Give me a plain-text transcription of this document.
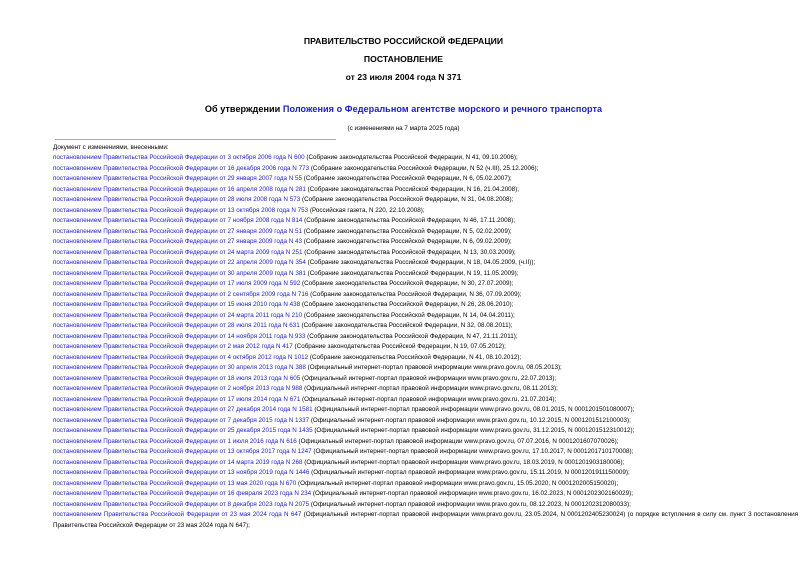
ПРАВИТЕЛЬСТВО РОССИЙСКОЙ ФЕДЕРАЦИИ
ПОСТАНОВЛЕНИЕ
от 23 июля 2004 года N 371
Об утверждении Положения о Федеральном агентстве морского и речного транспорта
(с изменениями на 7 марта 2025 года)
Документ с изменениями, внесенными:
постановлением Правительства Российской Федерации от 3 октября 2006 года N 600 (Собрание законодательства Российской Федерации, N 41, 09.10.2006);
постановлением Правительства Российской Федерации от 16 декабря 2006 года N 773 (Собрание законодательства Российской Федерации, N 52 (ч.III), 25.12.2006);
постановлением Правительства Российской Федерации от 29 января 2007 года N 55 (Собрание законодательства Российской Федерации, N 6, 05.02.2007);
постановлением Правительства Российской Федерации от 16 апреля 2008 года N 281 (Собрание законодательства Российской Федерации, N 16, 21.04.2008);
постановлением Правительства Российской Федерации от 28 июля 2008 года N 573 (Собрание законодательства Российской Федерации, N 31, 04.08.2008);
постановлением Правительства Российской Федерации от 13 октября 2008 года N 753 (Российская газета, N 220, 22.10.2008);
постановлением Правительства Российской Федерации от 7 ноября 2008 года N 814 (Собрание законодательства Российской Федерации, N 46, 17.11.2008);
постановлением Правительства Российской Федерации от 27 января 2009 года N 51 (Собрание законодательства Российской Федерации, N 5, 02.02.2009);
постановлением Правительства Российской Федерации от 27 января 2009 года N 43 (Собрание законодательства Российской Федерации, N 6, 09.02.2009);
постановлением Правительства Российской Федерации от 24 марта 2009 года N 251 (Собрание законодательства Российской Федерации, N 13, 30.03.2009);
постановлением Правительства Российской Федерации от 22 апреля 2009 года N 354 (Собрание законодательства Российской Федерации, N 18, 04.05.2009, (ч.II));
постановлением Правительства Российской Федерации от 30 апреля 2009 года N 381 (Собрание законодательства Российской Федерации, N 19, 11.05.2009);
постановлением Правительства Российской Федерации от 17 июля 2009 года N 592 (Собрание законодательства Российской Федерации, N 30, 27.07.2009);
постановлением Правительства Российской Федерации от 2 сентября 2009 года N 716 (Собрание законодательства Российской Федерации, N 36, 07.09.2009);
постановлением Правительства Российской Федерации от 15 июня 2010 года N 438 (Собрание законодательства Российской Федерации, N 26, 28.06.2010);
постановлением Правительства Российской Федерации от 24 марта 2011 года N 210 (Собрание законодательства Российской Федерации, N 14, 04.04.2011);
постановлением Правительства Российской Федерации от 28 июля 2011 года N 631 (Собрание законодательства Российской Федерации, N 32, 08.08.2011);
постановлением Правительства Российской Федерации от 14 ноября 2011 года N 933 (Собрание законодательства Российской Федерации, N 47, 21.11.2011);
постановлением Правительства Российской Федерации от 2 мая 2012 года N 417 (Собрание законодательства Российской Федерации, N 19, 07.05.2012);
постановлением Правительства Российской Федерации от 4 октября 2012 года N 1012 (Собрание законодательства Российской Федерации, N 41, 08.10.2012);
постановлением Правительства Российской Федерации от 30 апреля 2013 года N 388 (Официальный интернет-портал правовой информации www.pravo.gov.ru, 08.05.2013);
постановлением Правительства Российской Федерации от 18 июля 2013 года N 605 (Официальный интернет-портал правовой информации www.pravo.gov.ru, 22.07.2013);
постановлением Правительства Российской Федерации от 2 ноября 2013 года N 988 (Официальный интернет-портал правовой информации www.pravo.gov.ru, 08.11.2013);
постановлением Правительства Российской Федерации от 17 июля 2014 года N 671 (Официальный интернет-портал правовой информации www.pravo.gov.ru, 21.07.2014);
постановлением Правительства Российской Федерации от 27 декабря 2014 года N 1581 (Официальный интернет-портал правовой информации www.pravo.gov.ru, 08.01.2015, N 0001201501080007);
постановлением Правительства Российской Федерации от 7 декабря 2015 года N 1337 (Официальный интернет-портал правовой информации www.pravo.gov.ru, 10.12.2015, N 0001201512100003);
постановлением Правительства Российской Федерации от 25 декабря 2015 года N 1435 (Официальный интернет-портал правовой информации www.pravo.gov.ru, 31.12.2015, N 0001201512310012);
постановлением Правительства Российской Федерации от 1 июля 2016 года N 616 (Официальный интернет-портал правовой информации www.pravo.gov.ru, 07.07.2016, N 0001201607070026);
постановлением Правительства Российской Федерации от 13 октября 2017 года N 1247 (Официальный интернет-портал правовой информации www.pravo.gov.ru, 17.10.2017, N 0001201710170008);
постановлением Правительства Российской Федерации от 14 марта 2019 года N 268 (Официальный интернет-портал правовой информации www.pravo.gov.ru, 18.03.2019, N 0001201903180006);
постановлением Правительства Российской Федерации от 13 ноября 2019 года N 1446 (Официальный интернет-портал правовой информации www.pravo.gov.ru, 15.11.2019, N 0001201911150009);
постановлением Правительства Российской Федерации от 13 мая 2020 года N 670 (Официальный интернет-портал правовой информации www.pravo.gov.ru, 15.05.2020, N 0001202005150020);
постановлением Правительства Российской Федерации от 16 февраля 2023 года N 234 (Официальный интернет-портал правовой информации www.pravo.gov.ru, 16.02.2023, N 0001202302160029);
постановлением Правительства Российской Федерации от 8 декабря 2023 года N 2075 (Официальный интернет-портал правовой информации www.pravo.gov.ru, 08.12.2023, N 0001202312080033);
постановлением Правительства Российской Федерации от 23 мая 2024 года N 647 (Официальный интернет-портал правовой информации www.pravo.gov.ru, 23.05.2024, N 0001202405230024) (о порядке вступления в силу см. пункт 3 постановления Правительства Российской Федерации от 23 мая 2024 года N 647);
